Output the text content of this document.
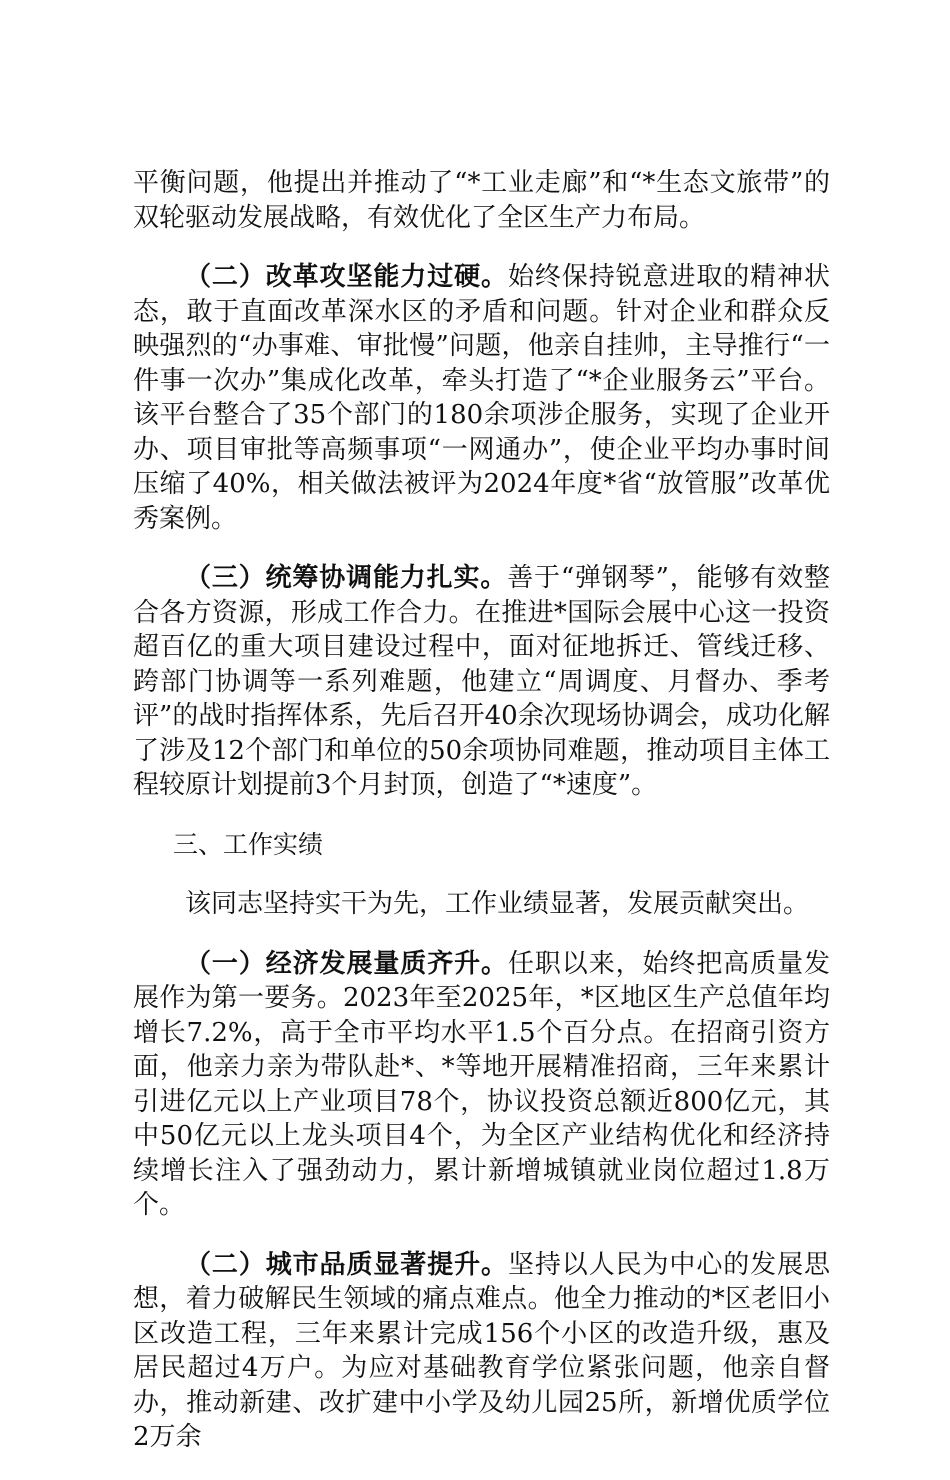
平衡问题，他提出并推动了“*工业走廊”和“*生态文旅带”的双轮驱动发展战略，有效优化了全区生产力布局。

（二）改革攻坚能力过硬。始终保持锐意进取的精神状态，敢于直面改革深水区的矛盾和问题。针对企业和群众反映强烈的“办事难、审批慢”问题，他亲自挂帅，主导推行“一件事一次办”集成化改革，牵头打造了“*企业服务云”平台。该平台整合了35个部门的180余项涉企服务，实现了企业开办、项目审批等高频事项“一网通办”，使企业平均办事时间压缩了40%，相关做法被评为2024年度*省“放管服”改革优秀案例。

（三）统筹协调能力扎实。善于“弹钢琴”，能够有效整合各方资源，形成工作合力。在推进*国际会展中心这一投资超百亿的重大项目建设过程中，面对征地拆迁、管线迁移、跨部门协调等一系列难题，他建立“周调度、月督办、季考评”的战时指挥体系，先后召开40余次现场协调会，成功化解了涉及12个部门和单位的50余项协同难题，推动项目主体工程较原计划提前3个月封顶，创造了“*速度”。

三、工作实绩

该同志坚持实干为先，工作业绩显著，发展贡献突出。

（一）经济发展量质齐升。任职以来，始终把高质量发展作为第一要务。2023年至2025年，*区地区生产总值年均增长7.2%，高于全市平均水平1.5个百分点。在招商引资方面，他亲力亲为带队赴*、*等地开展精准招商，三年来累计引进亿元以上产业项目78个，协议投资总额近800亿元，其中50亿元以上龙头项目4个，为全区产业结构优化和经济持续增长注入了强劲动力，累计新增城镇就业岗位超过1.8万个。

（二）城市品质显著提升。坚持以人民为中心的发展思想，着力破解民生领域的痛点难点。他全力推动的*区老旧小区改造工程，三年来累计完成156个小区的改造升级，惠及居民超过4万户。为应对基础教育学位紧张问题，他亲自督办，推动新建、改扩建中小学及幼儿园25所，新增优质学位2万余
